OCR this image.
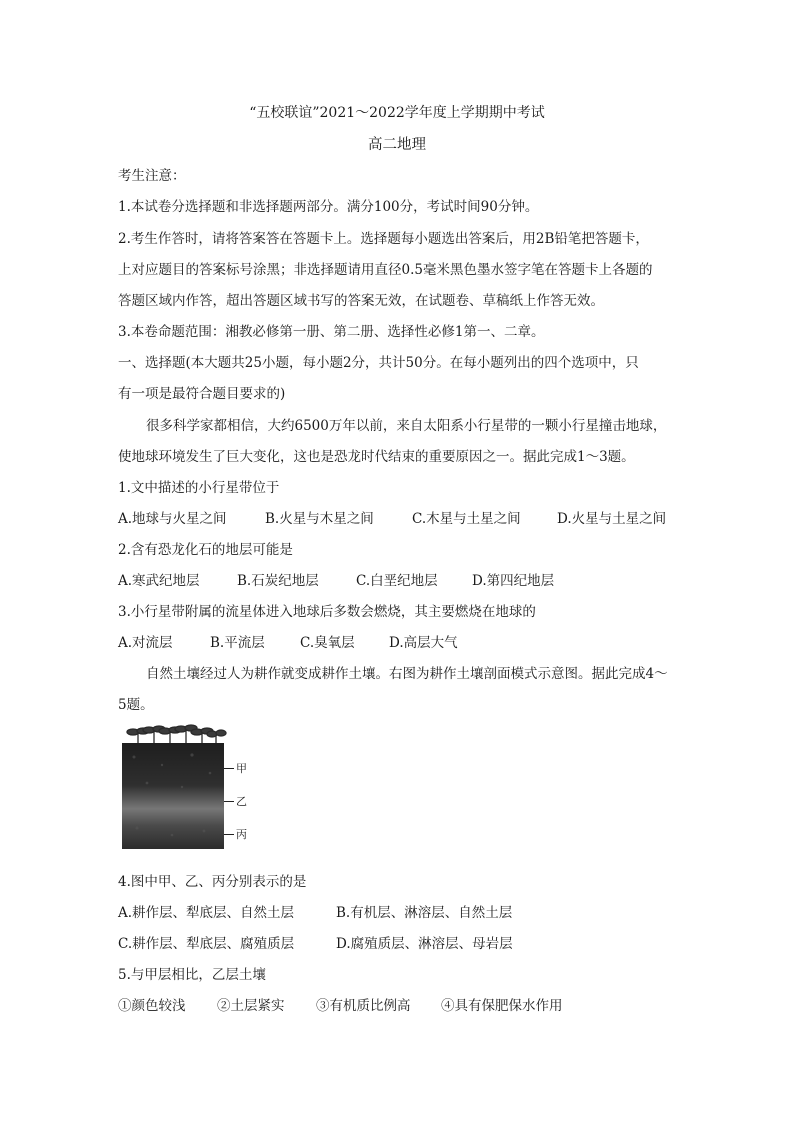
“五校联谊”2021～2022学年度上学期期中考试
高二地理
考生注意：
1.本试卷分选择题和非选择题两部分。满分100分，考试时间90分钟。
2.考生作答时，请将答案答在答题卡上。选择题每小题选出答案后，用2B铅笔把答题卡，
上对应题目的答案标号涂黑；非选择题请用直径0.5毫米黑色墨水签字笔在答题卡上各题的
答题区域内作答，超出答题区域书写的答案无效，在试题卷、草稿纸上作答无效。
3.本卷命题范围：湘教必修第一册、第二册、选择性必修1第一、二章。
一、选择题(本大题共25小题，每小题2分，共计50分。在每小题列出的四个选项中，只
有一项是最符合题目要求的)
很多科学家都相信，大约6500万年以前，来自太阳系小行星带的一颗小行星撞击地球，
使地球环境发生了巨大变化，这也是恐龙时代结束的重要原因之一。据此完成1～3题。
1.文中描述的小行星带位于
A.地球与火星之间	B.火星与木星之间	C.木星与土星之间	D.火星与土星之间
2.含有恐龙化石的地层可能是
A.寒武纪地层	B.石炭纪地层	C.白垩纪地层	D.第四纪地层
3.小行星带附属的流星体进入地球后多数会燃烧，其主要燃烧在地球的
A.对流层	B.平流层	C.臭氧层	D.高层大气
自然土壤经过人为耕作就变成耕作土壤。右图为耕作土壤剖面模式示意图。据此完成4～
5题。
甲
乙
丙
4.图中甲、乙、丙分别表示的是
A.耕作层、犁底层、自然土层	B.有机层、淋溶层、自然土层
C.耕作层、犁底层、腐殖质层	D.腐殖质层、淋溶层、母岩层
5.与甲层相比，乙层土壤
①颜色较浅 ②土层紧实 ③有机质比例高 ④具有保肥保水作用
